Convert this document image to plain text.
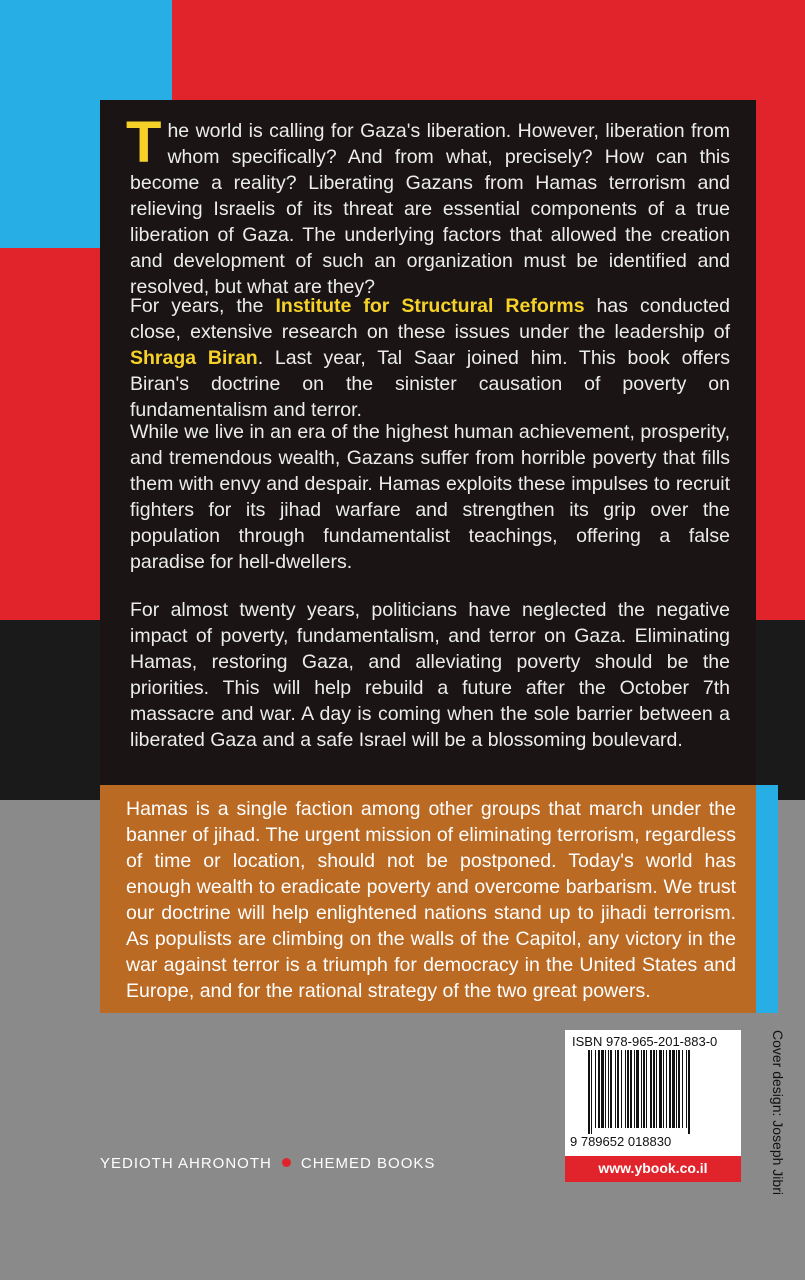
The world is calling for Gaza's liberation. However, liberation from whom specifically? And from what, precisely? How can this become a reality? Liberating Gazans from Hamas terrorism and relieving Israelis of its threat are essential components of a true liberation of Gaza. The underlying factors that allowed the creation and development of such an organization must be identified and resolved, but what are they?

For years, the Institute for Structural Reforms has conducted close, extensive research on these issues under the leadership of Shraga Biran. Last year, Tal Saar joined him. This book offers Biran's doctrine on the sinister causation of poverty on fundamentalism and terror.

While we live in an era of the highest human achievement, prosperity, and tremendous wealth, Gazans suffer from horrible poverty that fills them with envy and despair. Hamas exploits these impulses to recruit fighters for its jihad warfare and strengthen its grip over the population through fundamentalist teachings, offering a false paradise for hell-dwellers.

For almost twenty years, politicians have neglected the negative impact of poverty, fundamentalism, and terror on Gaza. Eliminating Hamas, restoring Gaza, and alleviating poverty should be the priorities. This will help rebuild a future after the October 7th massacre and war. A day is coming when the sole barrier between a liberated Gaza and a safe Israel will be a blossoming boulevard.

Hamas is a single faction among other groups that march under the banner of jihad. The urgent mission of eliminating terrorism, regardless of time or location, should not be postponed. Today's world has enough wealth to eradicate poverty and overcome barbarism. We trust our doctrine will help enlightened nations stand up to jihadi terrorism. As populists are climbing on the walls of the Capitol, any victory in the war against terror is a triumph for democracy in the United States and Europe, and for the rational strategy of the two great powers.

ISBN 978-965-201-883-0
9 789652 018830
www.ybook.co.il	Cover design: Joseph Jibri
YEDIOTH AHRONOTH CHEMED BOOKS
